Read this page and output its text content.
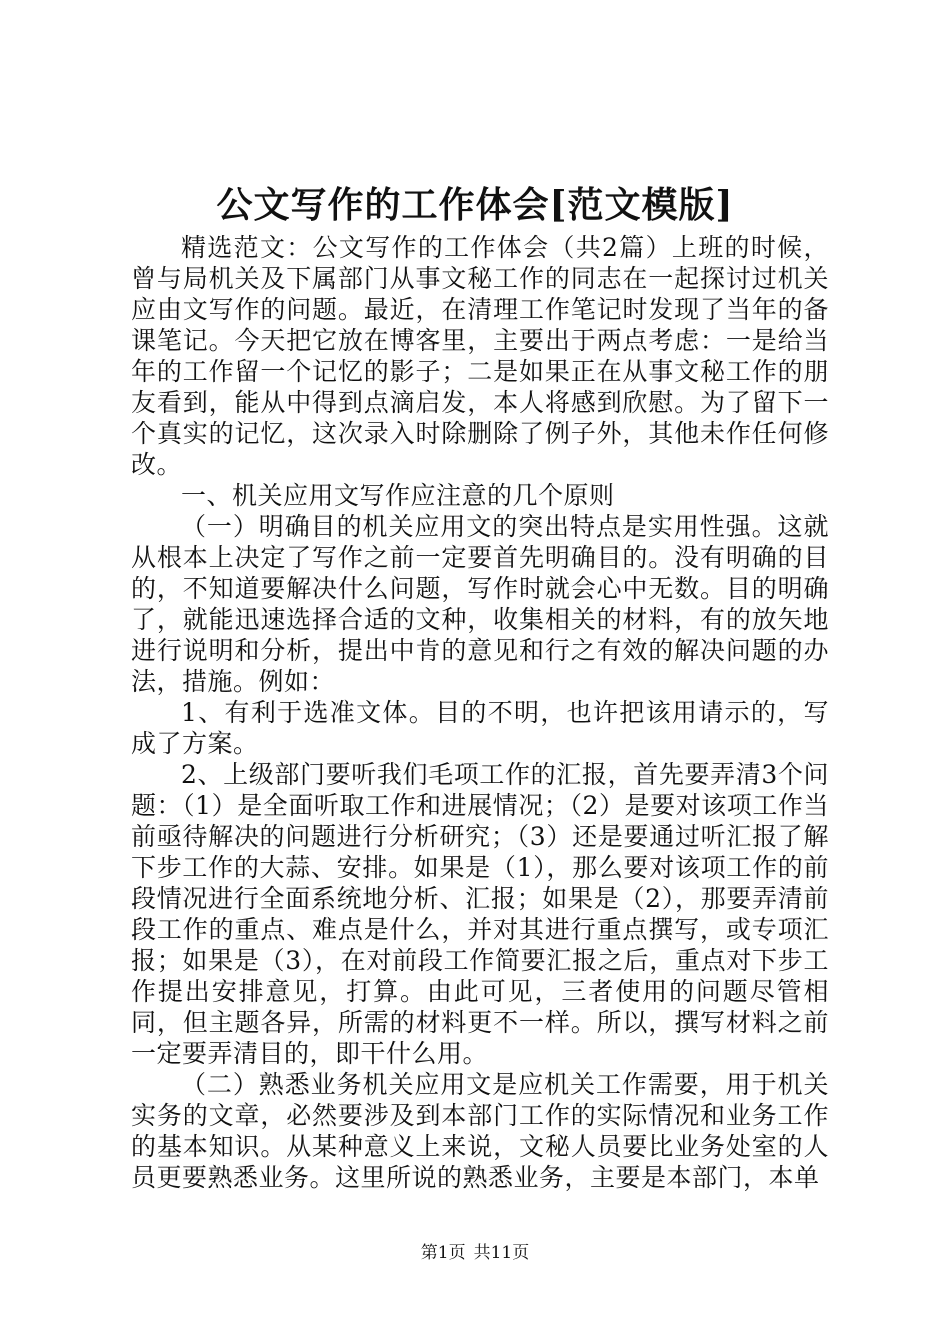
公文写作的工作体会[范文模版]

精选范文：公文写作的工作体会（共2篇）上班的时候，曾与局机关及下属部门从事文秘工作的同志在一起探讨过机关应由文写作的问题。最近，在清理工作笔记时发现了当年的备课笔记。今天把它放在博客里，主要出于两点考虑：一是给当年的工作留一个记忆的影子；二是如果正在从事文秘工作的朋友看到，能从中得到点滴启发，本人将感到欣慰。为了留下一个真实的记忆，这次录入时除删除了例子外，其他未作任何修改。

一、机关应用文写作应注意的几个原则

（一）明确目的机关应用文的突出特点是实用性强。这就从根本上决定了写作之前一定要首先明确目的。没有明确的目的，不知道要解决什么问题，写作时就会心中无数。目的明确了，就能迅速选择合适的文种，收集相关的材料，有的放矢地进行说明和分析，提出中肯的意见和行之有效的解决问题的办法，措施。例如：

1、有利于选准文体。目的不明，也许把该用请示的，写成了方案。

2、上级部门要听我们毛项工作的汇报，首先要弄清3个问题：（1）是全面听取工作和进展情况；（2）是要对该项工作当前亟待解决的问题进行分析研究；（3）还是要通过听汇报了解下步工作的大蒜、安排。如果是（1），那么要对该项工作的前段情况进行全面系统地分析、汇报；如果是（2），那要弄清前段工作的重点、难点是什么，并对其进行重点撰写，或专项汇报；如果是（3），在对前段工作简要汇报之后，重点对下步工作提出安排意见，打算。由此可见，三者使用的问题尽管相同，但主题各异，所需的材料更不一样。所以，撰写材料之前一定要弄清目的，即干什么用。

（二）熟悉业务机关应用文是应机关工作需要，用于机关实务的文章，必然要涉及到本部门工作的实际情况和业务工作的基本知识。从某种意义上来说，文秘人员要比业务处室的人员更要熟悉业务。这里所说的熟悉业务，主要是本部门，本单

第1页 共11页
